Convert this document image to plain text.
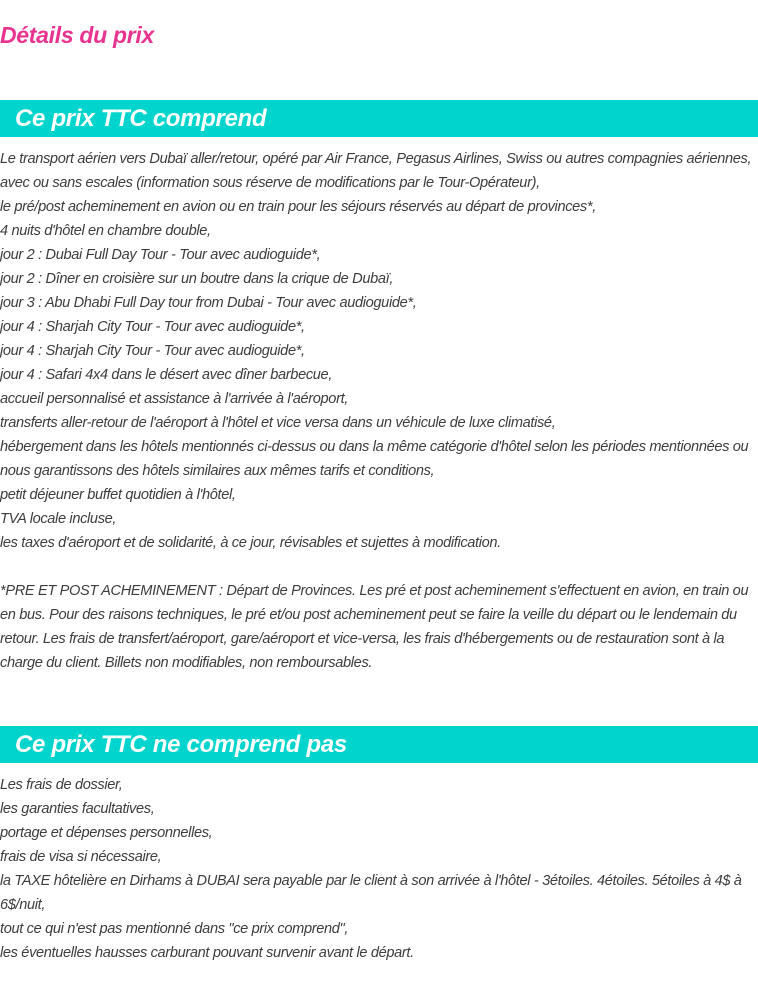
Détails du prix
Ce prix TTC comprend
Le transport aérien vers Dubaï aller/retour, opéré par Air France, Pegasus Airlines, Swiss ou autres compagnies aériennes, avec ou sans escales (information sous réserve de modifications par le Tour-Opérateur),
le pré/post acheminement en avion ou en train pour les séjours réservés au départ de provinces*,
4 nuits d'hôtel en chambre double,
jour 2 : Dubai Full Day Tour - Tour avec audioguide*,
jour 2 : Dîner en croisière sur un boutre dans la crique de Dubaï,
jour 3 : Abu Dhabi Full Day tour from Dubai - Tour avec audioguide*,
jour 4 : Sharjah City Tour - Tour avec audioguide*,
jour 4 : Sharjah City Tour - Tour avec audioguide*,
jour 4 : Safari 4x4 dans le désert avec dîner barbecue,
accueil personnalisé et assistance à l'arrivée à l'aéroport,
transferts aller-retour de l'aéroport à l'hôtel et vice versa dans un véhicule de luxe climatisé,
hébergement dans les hôtels mentionnés ci-dessus ou dans la même catégorie d'hôtel selon les périodes mentionnées ou nous garantissons des hôtels similaires aux mêmes tarifs et conditions,
petit déjeuner buffet quotidien à l'hôtel,
TVA locale incluse,
les taxes d'aéroport et de solidarité, à ce jour, révisables et sujettes à modification.

*PRE ET POST ACHEMINEMENT : Départ de Provinces. Les pré et post acheminement s'effectuent en avion, en train ou en bus. Pour des raisons techniques, le pré et/ou post acheminement peut se faire la veille du départ ou le lendemain du retour. Les frais de transfert/aéroport, gare/aéroport et vice-versa, les frais d'hébergements ou de restauration sont à la charge du client. Billets non modifiables, non remboursables.

Ce prix TTC ne comprend pas
Les frais de dossier,
les garanties facultatives,
portage et dépenses personnelles,
frais de visa si nécessaire,
la TAXE hôtelière en Dirhams à DUBAI sera payable par le client à son arrivée à l'hôtel - 3étoiles. 4étoiles. 5étoiles à 4$ à 6$/nuit,
tout ce qui n'est pas mentionné dans "ce prix comprend",
les éventuelles hausses carburant pouvant survenir avant le départ.
